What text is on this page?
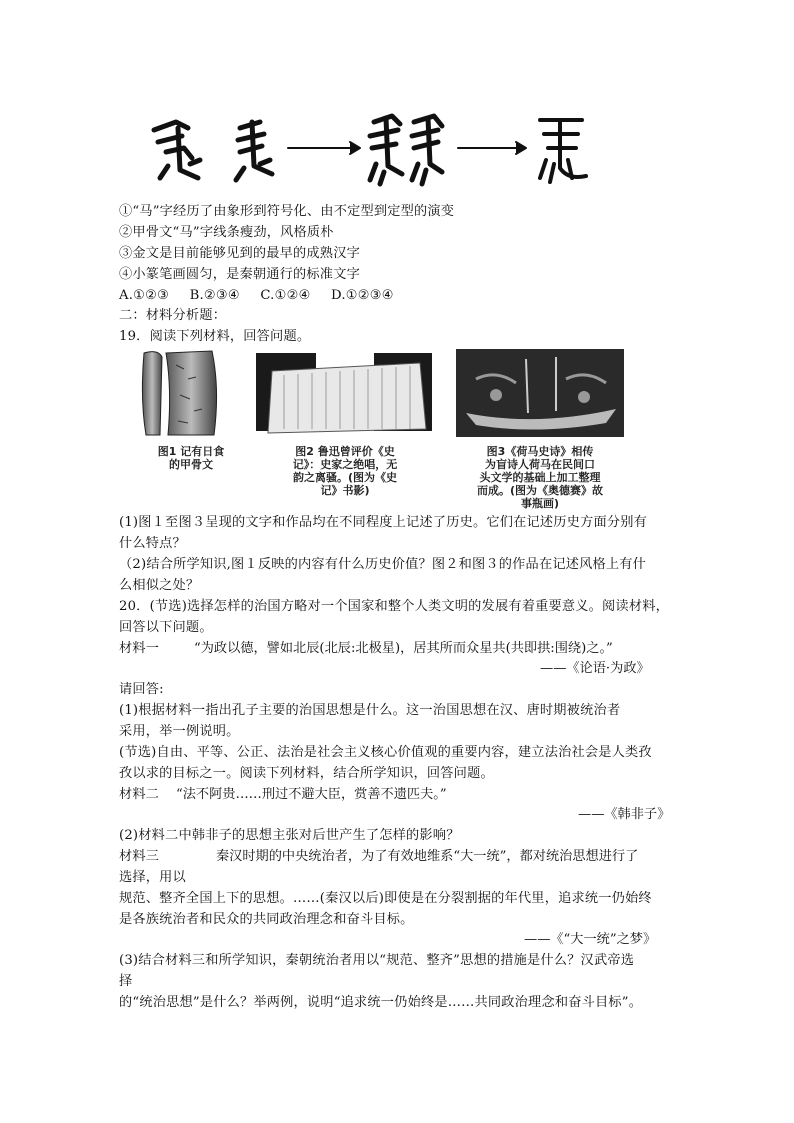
①“马”字经历了由象形到符号化、由不定型到定型的演变
②甲骨文“马”字线条瘦劲，风格质朴
③金文是目前能够见到的最早的成熟汉字
④小篆笔画圆匀，是秦朝通行的标准文字
A.①②③ B.②③④ C.①②④ D.①②③④
二：材料分析题：
19．阅读下列材料，回答问题。
图1 记有日食
的甲骨文
图2 鲁迅曾评价《史
记》：史家之绝唱，无
韵之离骚。(图为《史
记》书影)
图3《荷马史诗》相传
为盲诗人荷马在民间口
头文学的基础上加工整理
而成。(图为《奥德赛》故
事瓶画)
(1)图１至图３呈现的文字和作品均在不同程度上记述了历史。它们在记述历史方面分别有
什么特点？
（2)结合所学知识,图１反映的内容有什么历史价值？图２和图３的作品在记述风格上有什
么相似之处？
20．(节选)选择怎样的治国方略对一个国家和整个人类文明的发展有着重要意义。阅读材料，
回答以下问题。
材料一	“为政以德，譬如北辰(北辰:北极星)，居其所而众星共(共即拱:围绕)之。”
——《论语·为政》
请回答:
(1)根据材料一指出孔子主要的治国思想是什么。这一治国思想在汉、唐时期被统治者
采用，举一例说明。
(节选)自由、平等、公正、法治是社会主义核心价值观的重要内容，建立法治社会是人类孜
孜以求的目标之一。阅读下列材料，结合所学知识，回答问题。
材料二 “法不阿贵……刑过不避大臣，赏善不遗匹夫。”
——《韩非子》
(2)材料二中韩非子的思想主张对后世产生了怎样的影响？
材料三	秦汉时期的中央统治者，为了有效地维系“大一统”，都对统治思想进行了
选择，用以
规范、整齐全国上下的思想。……(秦汉以后)即使是在分裂割据的年代里，追求统一仍始终
是各族统治者和民众的共同政治理念和奋斗目标。
——《“大一统”之梦》
(3)结合材料三和所学知识，秦朝统治者用以“规范、整齐”思想的措施是什么？汉武帝选
择
的“统治思想”是什么？举两例，说明“追求统一仍始终是……共同政治理念和奋斗目标”。
